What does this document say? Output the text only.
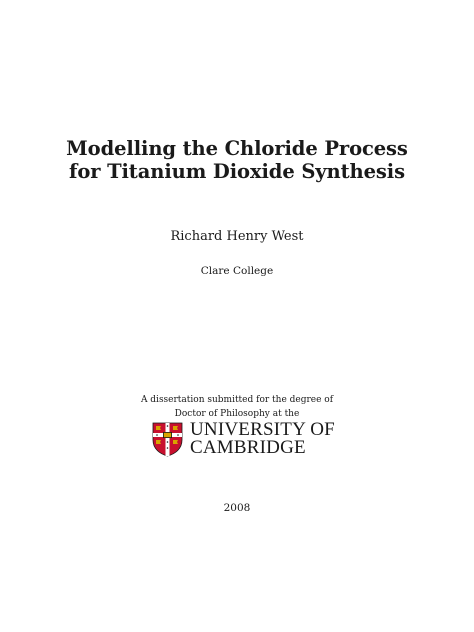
Modelling the Chloride Process
for Titanium Dioxide Synthesis
Richard Henry West
Clare College
A dissertation submitted for the degree of
Doctor of Philosophy at the
UNIVERSITY OF
CAMBRIDGE
2008
